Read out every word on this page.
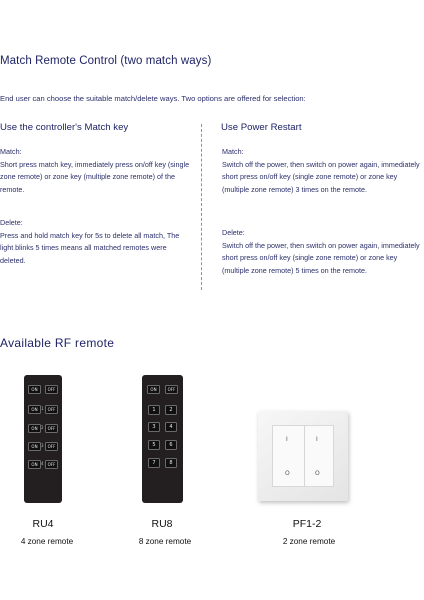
Match Remote Control (two match ways)
End user can choose the suitable match/delete ways. Two options are offered for selection:
Use the controller's Match key
Match:
Short press match key, immediately press on/off key (single zone remote) or zone key (multiple zone remote) of the remote.
Delete:
Press and hold match key for 5s to delete all match, The light blinks 5 times means all matched remotes were deleted.
Use Power Restart
Match:
Switch off the power, then switch on power again, immediately short press on/off key (single zone remote) or zone key (multiple zone remote) 3 times on the remote.
Delete:
Switch off the power, then switch on power again, immediately short press on/off key (single zone remote) or zone key (multiple zone remote) 5 times on the remote.
Available RF remote
ON	OFF
ON 1	OFF
ON 2	OFF
ON 3	OFF
ON 4	OFF
ON	OFF
1	2
3	4
5	6
7	8
I	I
O	O
RU4
4 zone remote
RU8
8 zone remote
PF1-2
2 zone remote
